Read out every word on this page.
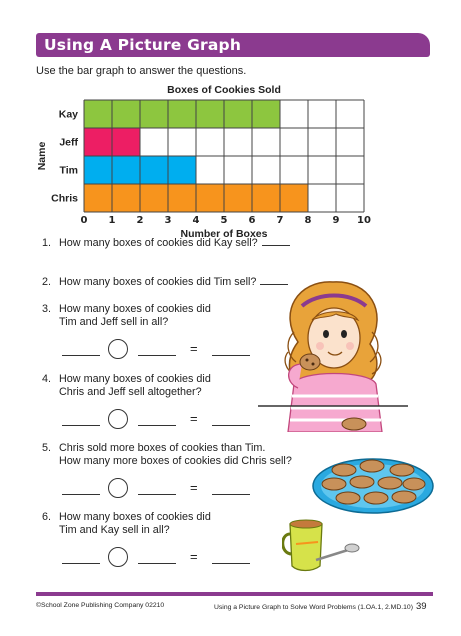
Using A Picture Graph
Use the bar graph to answer the questions.
Boxes of Cookies Sold
Kay
Jeff
Tim
Chris
0 1 2 3 4 5 6 7 8 9 10
Number of Boxes
Name
1. How many boxes of cookies did Kay sell?
2. How many boxes of cookies did Tim sell?
3. How many boxes of cookies did
Tim and Jeff sell in all?
=
4. How many boxes of cookies did
Chris and Jeff sell altogether?
=
5. Chris sold more boxes of cookies than Tim.
How many more boxes of cookies did Chris sell?
=
6. How many boxes of cookies did
Tim and Kay sell in all?
=
©School Zone Publishing Company 02210	Using a Picture Graph to Solve Word Problems (1.OA.1, 2.MD.10) 39
